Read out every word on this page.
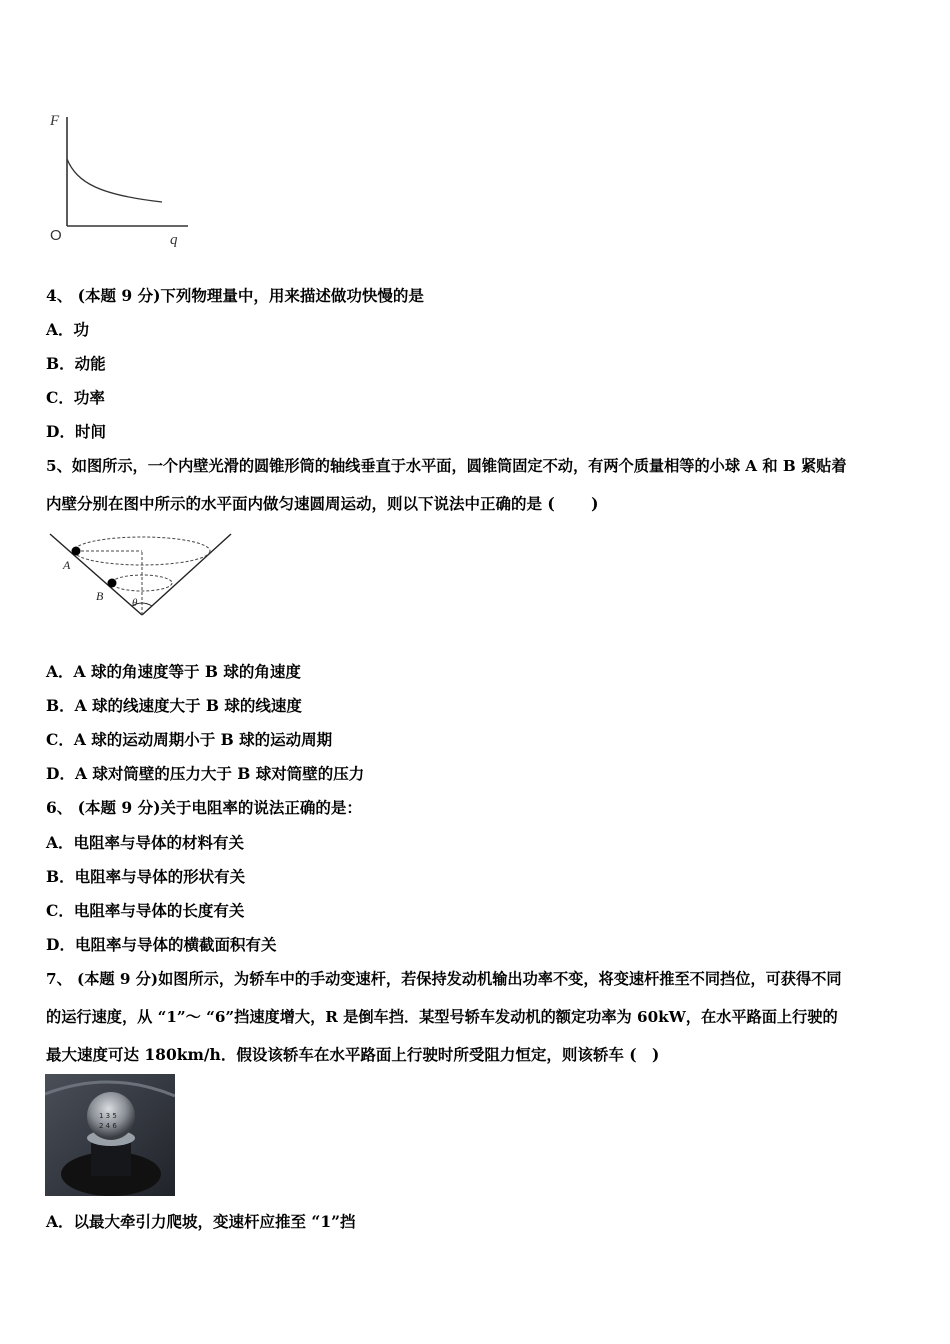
F
q
O
4、 (本题 9 分)下列物理量中，用来描述做功快慢的是
A．功
B．动能
C．功率
D．时间
5、如图所示，一个内壁光滑的圆锥形筒的轴线垂直于水平面，圆锥筒固定不动，有两个质量相等的小球 A 和 B 紧贴着
内壁分别在图中所示的水平面内做匀速圆周运动，则以下说法中正确的是 (　　 )
A
B	θ
A．A 球的角速度等于 B 球的角速度
B．A 球的线速度大于 B 球的线速度
C．A 球的运动周期小于 B 球的运动周期
D．A 球对筒壁的压力大于 B 球对筒壁的压力
6、 (本题 9 分)关于电阻率的说法正确的是：
A．电阻率与导体的材料有关
B．电阻率与导体的形状有关
C．电阻率与导体的长度有关
D．电阻率与导体的横截面积有关
7、 (本题 9 分)如图所示，为轿车中的手动变速杆，若保持发动机输出功率不变，将变速杆推至不同挡位，可获得不同
的运行速度，从 “1”～ “6”挡速度增大，R 是倒车挡．某型号轿车发动机的额定功率为 60kW，在水平路面上行驶的
最大速度可达 180km/h．假设该轿车在水平路面上行驶时所受阻力恒定，则该轿车 (　)
1 3 5
2 4 6
A．以最大牵引力爬坡，变速杆应推至 “1”挡
